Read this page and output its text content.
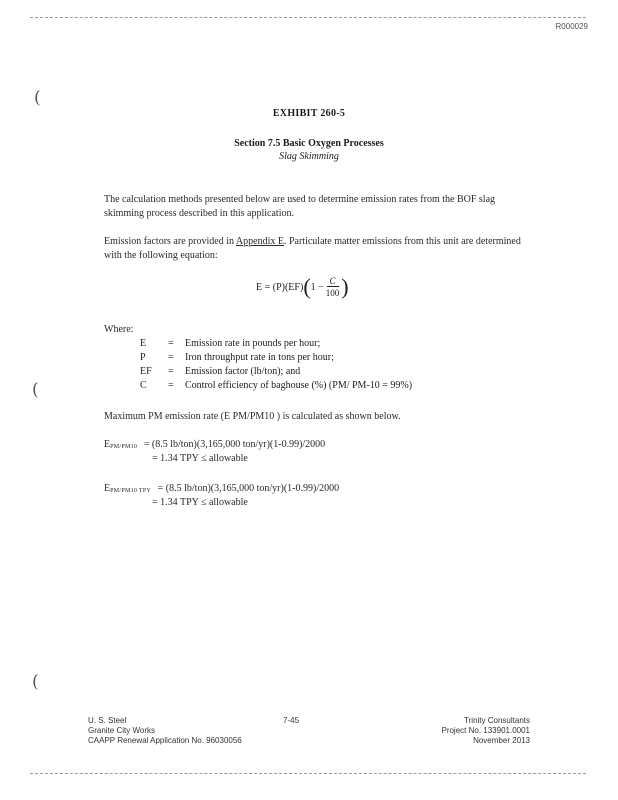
R000029
(
(
(
EXHIBIT 260-5
Section 7.5 Basic Oxygen Processes
Slag Skimming
The calculation methods presented below are used to determine emission rates from the BOF slag skimming process described in this application.
Emission factors are provided in Appendix E. Particulate matter emissions from this unit are determined with the following equation:
E = (P)(EF) ( $1 - \frac{C}{100}$ )
Where:
E = Emission rate in pounds per hour;
P = Iron throughput rate in tons per hour;
EF = Emission factor (lb/ton); and
C = Control efficiency of baghouse (%) (PM/ PM-10 = 99%)
Maximum PM emission rate (E PM/PM10 ) is calculated as shown below.
$E_{PM/PM10} = (8.5$ lb/ton)(3,165,000 ton/yr)(1-0.99)/2000
= 1.34 TPY ≤ allowable
$E_{PM/PM10 TPY} = (8.5$ lb/ton)(3,165,000 ton/yr)(1-0.99)/2000
= 1.34 TPY ≤ allowable
U. S. Steel
Granite City Works
CAAPP Renewal Application No. 96030056
7-45	Trinity Consultants
Project No. 133901.0001
November 2013
